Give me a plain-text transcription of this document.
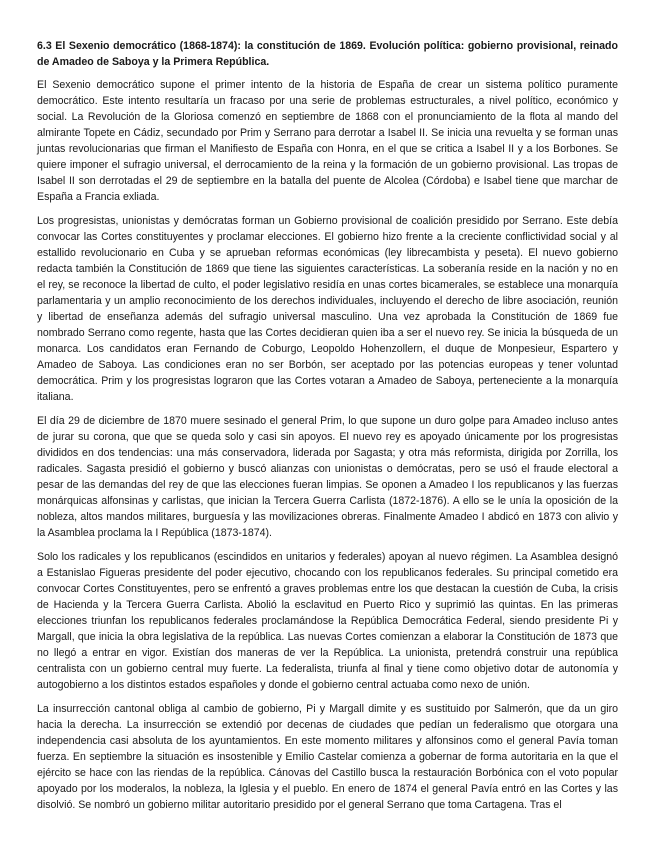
6.3 El Sexenio democrático (1868-1874): la constitución de 1869. Evolución política: gobierno provisional, reinado de Amadeo de Saboya y la Primera República.

El Sexenio democrático supone el primer intento de la historia de España de crear un sistema político puramente democrático. Este intento resultaría un fracaso por una serie de problemas estructurales, a nivel político, económico y social. La Revolución de la Gloriosa comenzó en septiembre de 1868 con el pronunciamiento de la flota al mando del almirante Topete en Cádiz, secundado por Prim y Serrano para derrotar a Isabel II. Se inicia una revuelta y se forman unas juntas revolucionarias que firman el Manifiesto de España con Honra, en el que se critica a Isabel II y a los Borbones. Se quiere imponer el sufragio universal, el derrocamiento de la reina y la formación de un gobierno provisional. Las tropas de Isabel II son derrotadas el 29 de septiembre en la batalla del puente de Alcolea (Córdoba) e Isabel tiene que marchar de España a Francia exliada.

Los progresistas, unionistas y demócratas forman un Gobierno provisional de coalición presidido por Serrano. Este debía convocar las Cortes constituyentes y proclamar elecciones. El gobierno hizo frente a la creciente conflictividad social y al estallido revolucionario en Cuba y se aprueban reformas económicas (ley librecambista y peseta). El nuevo gobierno redacta también la Constitución de 1869 que tiene las siguientes características. La soberanía reside en la nación y no en el rey, se reconoce la libertad de culto, el poder legislativo residía en unas cortes bicamerales, se establece una monarquía parlamentaria y un amplio reconocimiento de los derechos individuales, incluyendo el derecho de libre asociación, reunión y libertad de enseñanza además del sufragio universal masculino. Una vez aprobada la Constitución de 1869 fue nombrado Serrano como regente, hasta que las Cortes decidieran quien iba a ser el nuevo rey. Se inicia la búsqueda de un monarca. Los candidatos eran Fernando de Coburgo, Leopoldo Hohenzollern, el duque de Monpesieur, Espartero y Amadeo de Saboya. Las condiciones eran no ser Borbón, ser aceptado por las potencias europeas y tener voluntad democrática. Prim y los progresistas lograron que las Cortes votaran a Amadeo de Saboya, perteneciente a la monarquía italiana.

El día 29 de diciembre de 1870 muere sesinado el general Prim, lo que supone un duro golpe para Amadeo incluso antes de jurar su corona, que que se queda solo y casi sin apoyos. El nuevo rey es apoyado únicamente por los progresistas divididos en dos tendencias: una más conservadora, liderada por Sagasta; y otra más reformista, dirigida por Zorrilla, los radicales. Sagasta presidió el gobierno y buscó alianzas con unionistas o demócratas, pero se usó el fraude electoral a pesar de las demandas del rey de que las elecciones fueran limpias. Se oponen a Amadeo I los republicanos y las fuerzas monárquicas alfonsinas y carlistas, que inician la Tercera Guerra Carlista (1872-1876). A ello se le unía la oposición de la nobleza, altos mandos militares, burguesía y las movilizaciones obreras. Finalmente Amadeo I abdicó en 1873 con alivio y la Asamblea proclama la I República (1873-1874).

Solo los radicales y los republicanos (escindidos en unitarios y federales) apoyan al nuevo régimen. La Asamblea designó a Estanislao Figueras presidente del poder ejecutivo, chocando con los republicanos federales. Su principal cometido era convocar Cortes Constituyentes, pero se enfrentó a graves problemas entre los que destacan la cuestión de Cuba, la crisis de Hacienda y la Tercera Guerra Carlista. Abolió la esclavitud en Puerto Rico y suprimió las quintas. En las primeras elecciones triunfan los republicanos federales proclamándose la República Democrática Federal, siendo presidente Pi y Margall, que inicia la obra legislativa de la república. Las nuevas Cortes comienzan a elaborar la Constitución de 1873 que no llegó a entrar en vigor. Existían dos maneras de ver la República. La unionista, pretendrá construir una república centralista con un gobierno central muy fuerte. La federalista, triunfa al final y tiene como objetivo dotar de autonomía y autogobierno a los distintos estados españoles y donde el gobierno central actuaba como nexo de unión.

La insurrección cantonal obliga al cambio de gobierno, Pi y Margall dimite y es sustituido por Salmerón, que da un giro hacia la derecha. La insurrección se extendió por decenas de ciudades que pedían un federalismo que otorgara una independencia casi absoluta de los ayuntamientos. En este momento militares y alfonsinos como el general Pavía toman fuerza. En septiembre la situación es insostenible y Emilio Castelar comienza a gobernar de forma autoritaria en la que el ejército se hace con las riendas de la república. Cánovas del Castillo busca la restauración Borbónica con el voto popular apoyado por los moderalos, la nobleza, la Iglesia y el pueblo. En enero de 1874 el general Pavía entró en las Cortes y las disolvió. Se nombró un gobierno militar autoritario presidido por el general Serrano que toma Cartagena. Tras el
